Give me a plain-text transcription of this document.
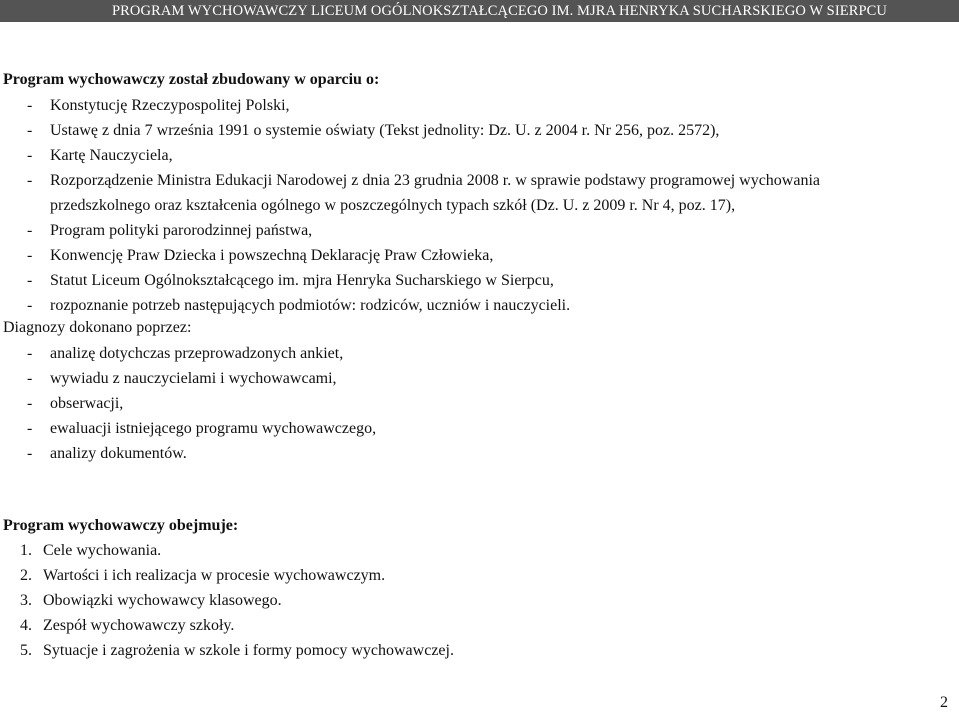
PROGRAM WYCHOWAWCZY LICEUM OGÓLNOKSZTAŁCĄCEGO IM. MJRA HENRYKA SUCHARSKIEGO W SIERPCU
Program wychowawczy został zbudowany w oparciu o:
- Konstytucję Rzeczypospolitej Polski,
- Ustawę z dnia 7 września 1991 o systemie oświaty (Tekst jednolity: Dz. U. z 2004 r. Nr 256, poz. 2572),
- Kartę Nauczyciela,
- Rozporządzenie Ministra Edukacji Narodowej z dnia 23 grudnia 2008 r. w sprawie podstawy programowej wychowania
przedszkolnego oraz kształcenia ogólnego w poszczególnych typach szkół (Dz. U. z 2009 r. Nr 4, poz. 17),
- Program polityki parorodzinnej państwa,
- Konwencję Praw Dziecka i powszechną Deklarację Praw Człowieka,
- Statut Liceum Ogólnokształcącego im. mjra Henryka Sucharskiego w Sierpcu,
- rozpoznanie potrzeb następujących podmiotów: rodziców, uczniów i nauczycieli.
Diagnozy dokonano poprzez:
- analizę dotychczas przeprowadzonych ankiet,
- wywiadu z nauczycielami i wychowawcami,
- obserwacji,
- ewaluacji istniejącego programu wychowawczego,
- analizy dokumentów.
Program wychowawczy obejmuje:
1. Cele wychowania.
2. Wartości i ich realizacja w procesie wychowawczym.
3. Obowiązki wychowawcy klasowego.
4. Zespół wychowawczy szkoły.
5. Sytuacje i zagrożenia w szkole i formy pomocy wychowawczej.
2
